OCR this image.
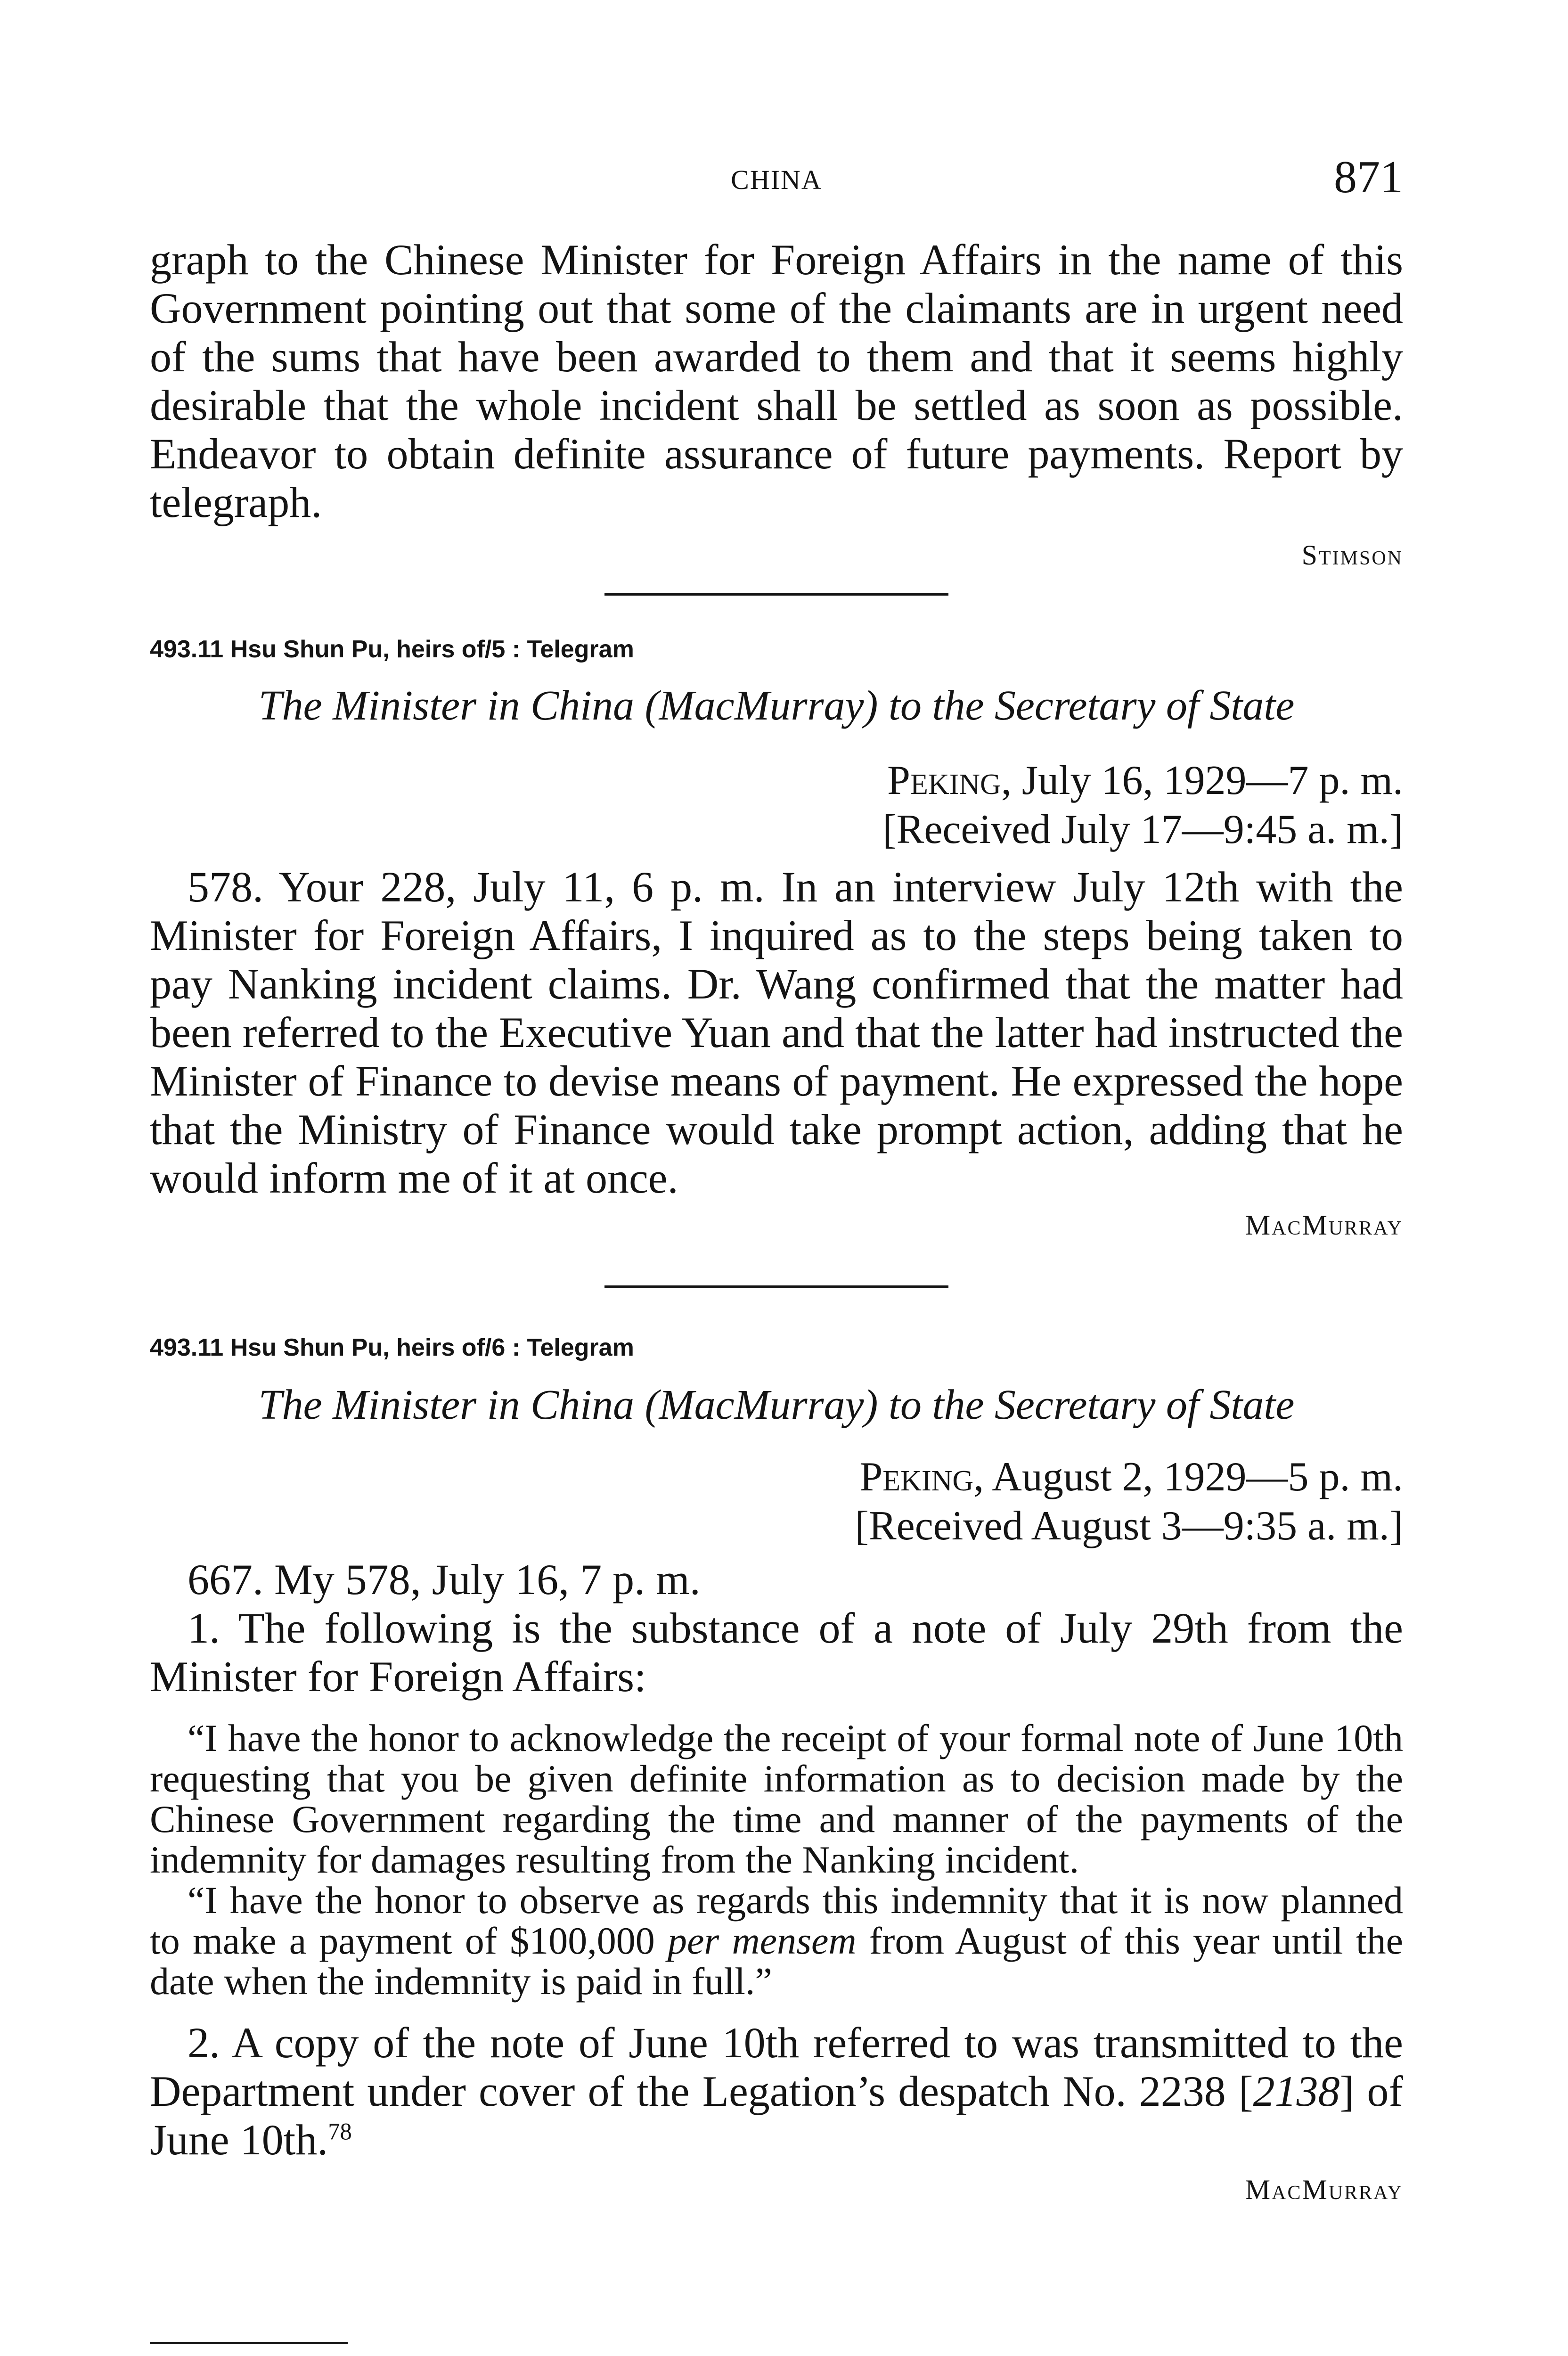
CHINA	871

graph to the Chinese Minister for Foreign Affairs in the name of this Government pointing out that some of the claimants are in urgent need of the sums that have been awarded to them and that it seems highly desirable that the whole incident shall be settled as soon as possible. Endeavor to obtain definite assurance of future payments. Report by telegraph.

Stimson

493.11 Hsu Shun Pu, heirs of/5 : Telegram

The Minister in China (MacMurray) to the Secretary of State

Peking, July 16, 1929—7 p. m.

[Received July 17—9:45 a. m.]

578. Your 228, July 11, 6 p. m. In an interview July 12th with the Minister for Foreign Affairs, I inquired as to the steps being taken to pay Nanking incident claims. Dr. Wang confirmed that the matter had been referred to the Executive Yuan and that the latter had instructed the Minister of Finance to devise means of payment. He expressed the hope that the Ministry of Finance would take prompt action, adding that he would inform me of it at once.

MacMurray

493.11 Hsu Shun Pu, heirs of/6 : Telegram

The Minister in China (MacMurray) to the Secretary of State

Peking, August 2, 1929—5 p. m.

[Received August 3—9:35 a. m.]

667. My 578, July 16, 7 p. m.

1. The following is the substance of a note of July 29th from the Minister for Foreign Affairs:

“I have the honor to acknowledge the receipt of your formal note of June 10th requesting that you be given definite information as to decision made by the Chinese Government regarding the time and manner of the payments of the indemnity for damages resulting from the Nanking incident.

“I have the honor to observe as regards this indemnity that it is now planned to make a payment of $100,000 per mensem from August of this year until the date when the indemnity is paid in full.”

2. A copy of the note of June 10th referred to was transmitted to the Department under cover of the Legation’s despatch No. 2238 [2138] of June 10th.$^{78}$

MacMurray
